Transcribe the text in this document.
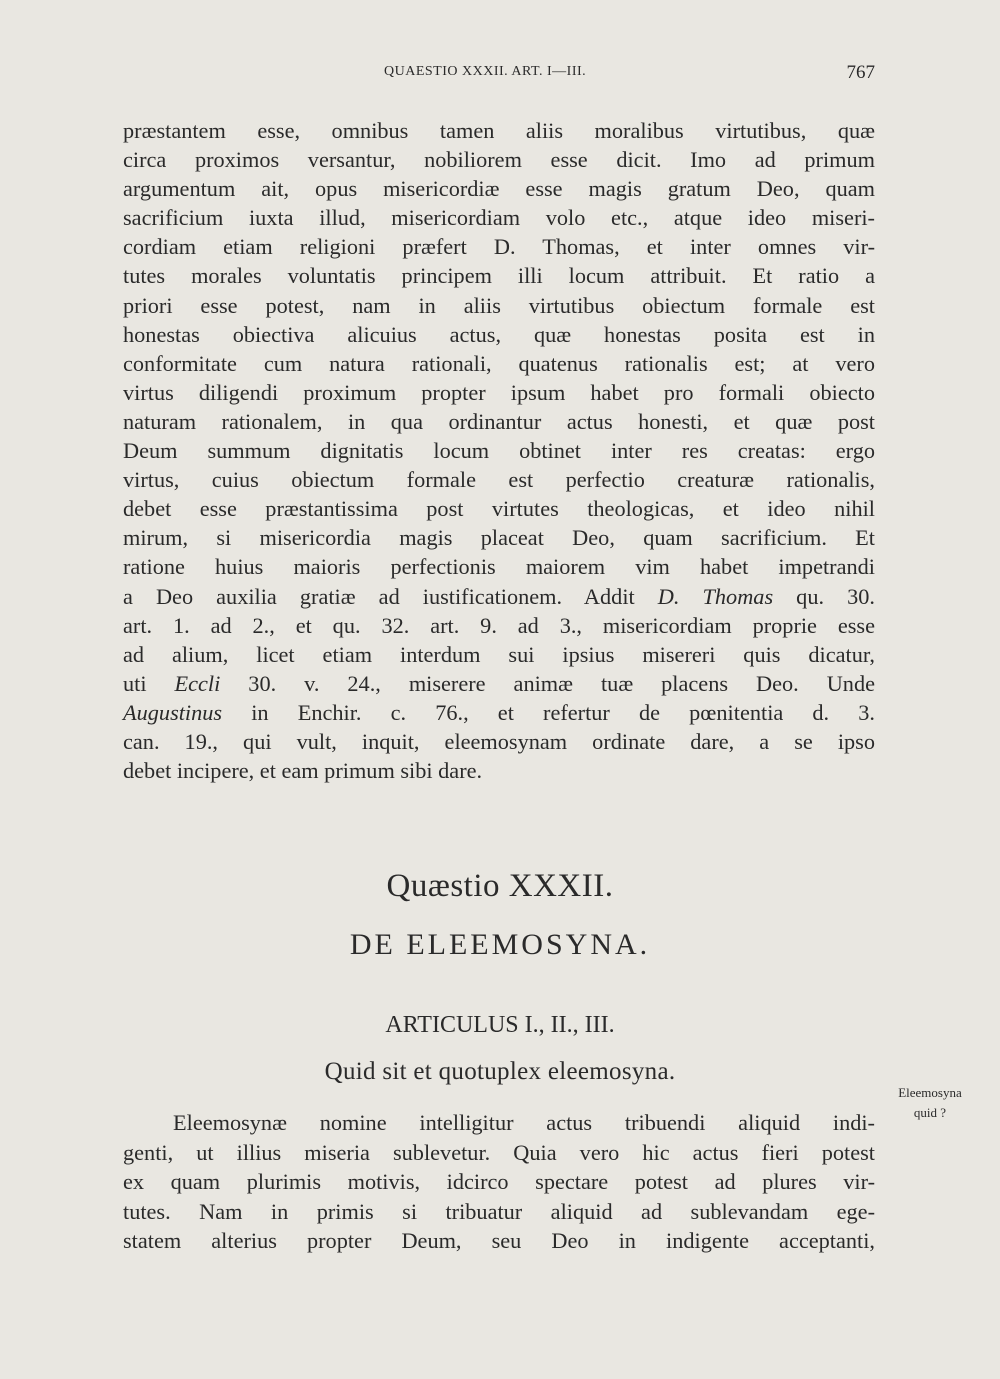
QUAESTIO XXXII. ART. I—III.	767
præstantem esse, omnibus tamen aliis moralibus virtutibus, quæ
circa proximos versantur, nobiliorem esse dicit. Imo ad primum
argumentum ait, opus misericordiæ esse magis gratum Deo, quam
sacrificium iuxta illud, misericordiam volo etc., atque ideo miseri-
cordiam etiam religioni præfert D. Thomas, et inter omnes vir-
tutes morales voluntatis principem illi locum attribuit. Et ratio a
priori esse potest, nam in aliis virtutibus obiectum formale est
honestas obiectiva alicuius actus, quæ honestas posita est in
conformitate cum natura rationali, quatenus rationalis est; at vero
virtus diligendi proximum propter ipsum habet pro formali obiecto
naturam rationalem, in qua ordinantur actus honesti, et quæ post
Deum summum dignitatis locum obtinet inter res creatas: ergo
virtus, cuius obiectum formale est perfectio creaturæ rationalis,
debet esse præstantissima post virtutes theologicas, et ideo nihil
mirum, si misericordia magis placeat Deo, quam sacrificium. Et
ratione huius maioris perfectionis maiorem vim habet impetrandi
a Deo auxilia gratiæ ad iustificationem. Addit D. Thomas qu. 30.
art. 1. ad 2., et qu. 32. art. 9. ad 3., misericordiam proprie esse
ad alium, licet etiam interdum sui ipsius misereri quis dicatur,
uti Eccli 30. v. 24., miserere animæ tuæ placens Deo. Unde
Augustinus in Enchir. c. 76., et refertur de pœnitentia d. 3.
can. 19., qui vult, inquit, eleemosynam ordinate dare, a se ipso
debet incipere, et eam primum sibi dare.
Quæstio XXXII.
DE ELEEMOSYNA.
ARTICULUS I., II., III.
Quid sit et quotuplex eleemosyna.
Eleemosynæ nomine intelligitur actus tribuendi aliquid indi-
genti, ut illius miseria sublevetur. Quia vero hic actus fieri potest
ex quam plurimis motivis, idcirco spectare potest ad plures vir-
tutes. Nam in primis si tribuatur aliquid ad sublevandam ege-
statem alterius propter Deum, seu Deo in indigente acceptanti,
Eleemosyna
quid ?
